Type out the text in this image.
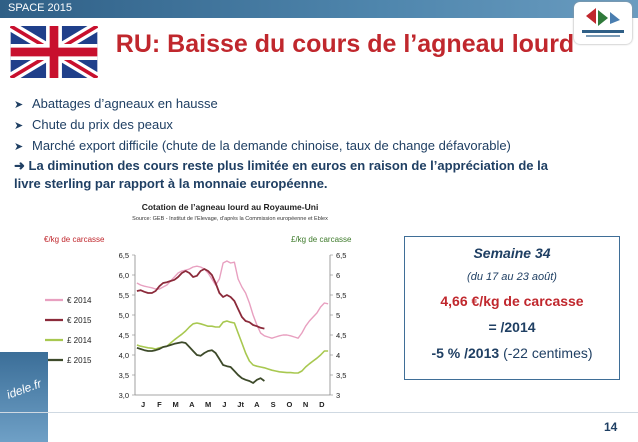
SPACE 2015
RU: Baisse du cours de l’agneau lourd
➤ Abattages d’agneaux en hausse
➤ Chute du prix des peaux
➤ Marché export difficile (chute de la demande chinoise, taux de change défavorable)
➜ La diminution des cours reste plus limitée en euros en raison de l’appréciation de la
livre sterling par rapport à la monnaie européenne.
Cotation de l’agneau lourd au Royaume-Uni
Source: GEB - Institut de l’Elevage, d’après la Commission européenne et Eblex
€/kg de carcasse	£/kg de carcasse
3,0
3,5
4,0
4,5
5,0
5,5
6,0
6,5
3
3,5
4
4,5
5
5,5
6
6,5
J F M A M J Jt A S O N D
€ 2014
€ 2015
£ 2014
£ 2015
idele.fr
Semaine 34
(du 17 au 23 août)
4,66 €/kg de carcasse
= /2014
-5 % /2013 (-22 centimes)
14
